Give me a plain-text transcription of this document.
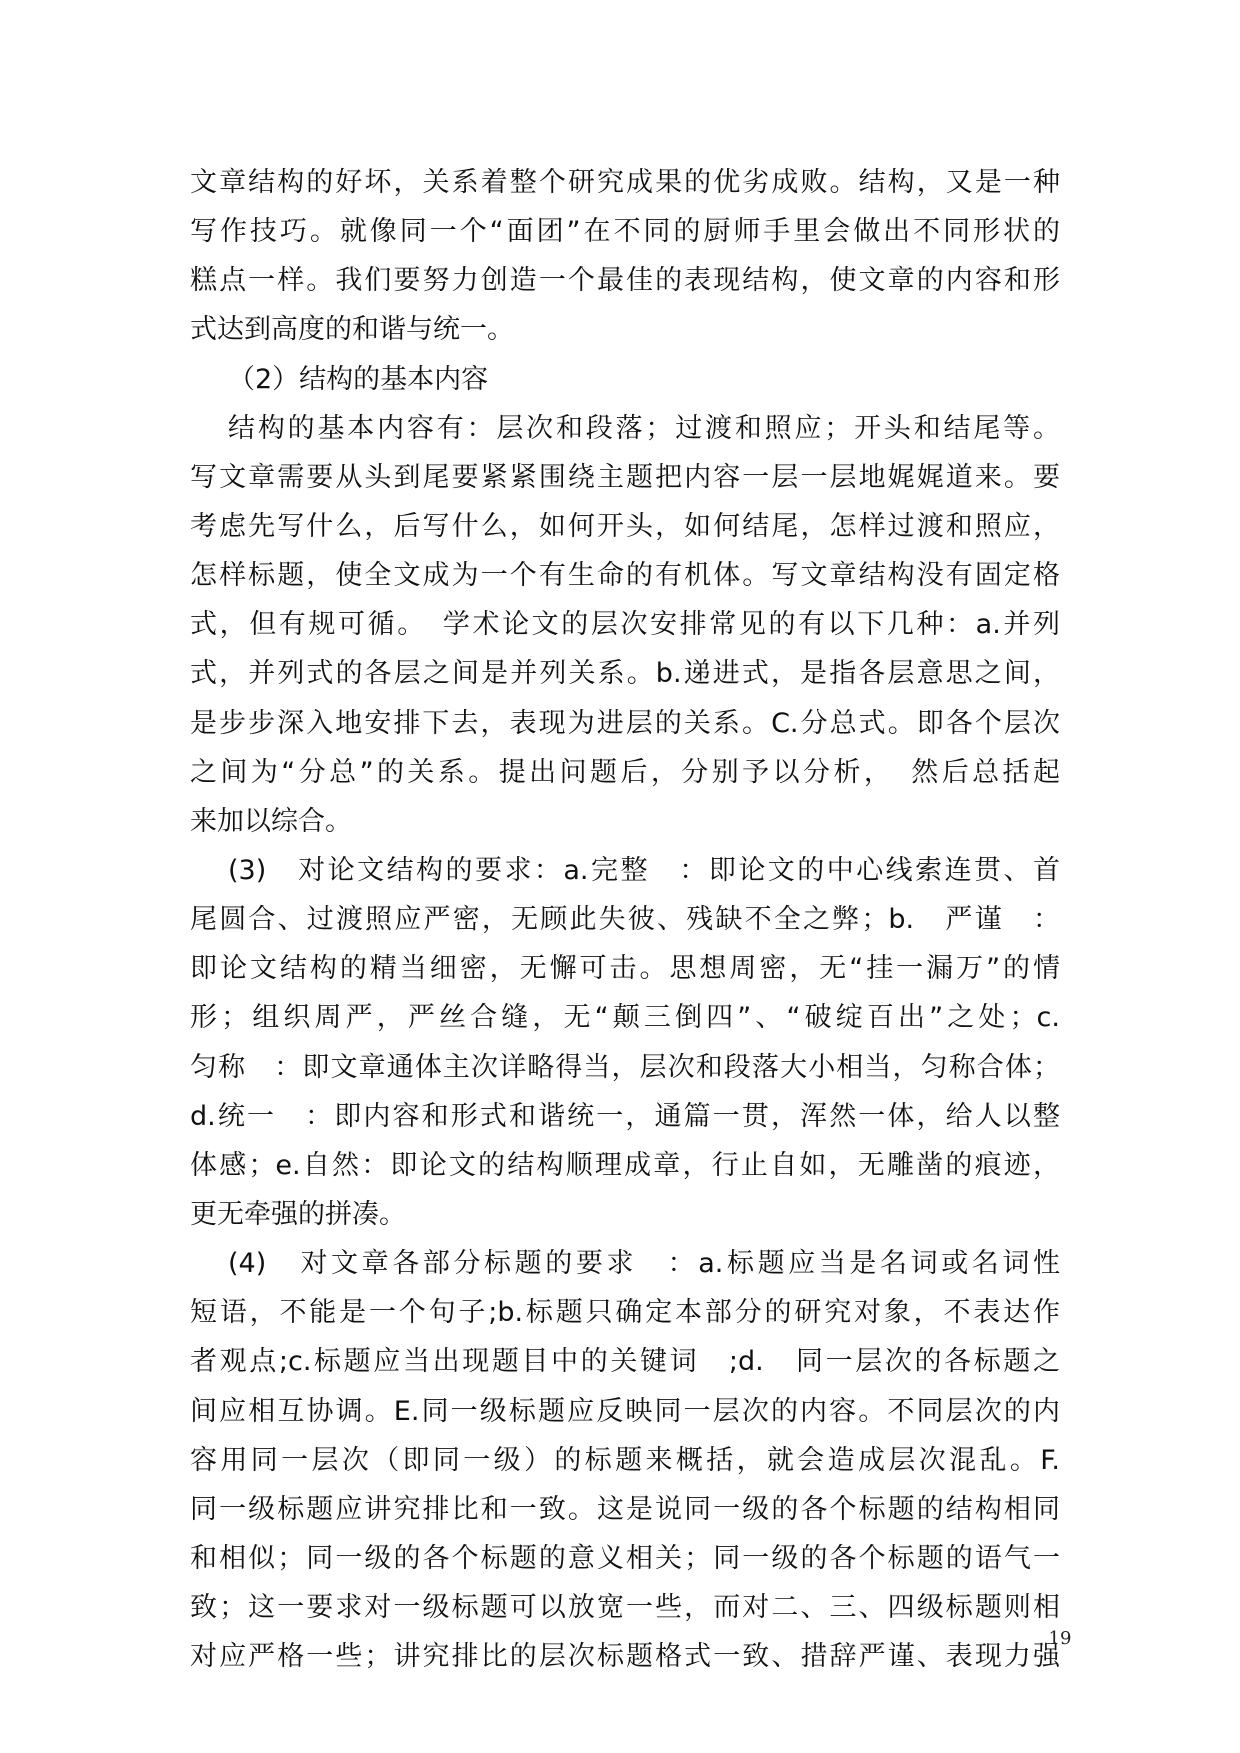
文章结构的好坏，关系着整个研究成果的优劣成败。结构，又是一种
写作技巧。就像同一个“面团”在不同的厨师手里会做出不同形状的
糕点一样。我们要努力创造一个最佳的表现结构，使文章的内容和形
式达到高度的和谐与统一。
（2）结构的基本内容
结构的基本内容有：层次和段落；过渡和照应；开头和结尾等。
写文章需要从头到尾要紧紧围绕主题把内容一层一层地娓娓道来。要
考虑先写什么，后写什么，如何开头，如何结尾，怎样过渡和照应，
怎样标题，使全文成为一个有生命的有机体。写文章结构没有固定格
式，但有规可循。　学术论文的层次安排常见的有以下几种：a.并列
式，并列式的各层之间是并列关系。b.递进式，是指各层意思之间，
是步步深入地安排下去，表现为进层的关系。C.分总式。即各个层次
之间为“分总”的关系。提出问题后，分别予以分析，　然后总括起
来加以综合。
(3)　对论文结构的要求：a.完整　：即论文的中心线索连贯、首
尾圆合、过渡照应严密，无顾此失彼、残缺不全之弊；b.　严谨　：
即论文结构的精当细密，无懈可击。思想周密，无“挂一漏万”的情
形；组织周严，严丝合缝，无“颠三倒四”、“破绽百出”之处；c.
匀称　：即文章通体主次详略得当，层次和段落大小相当，匀称合体；
d.统一　：即内容和形式和谐统一，通篇一贯，浑然一体，给人以整
体感；e.自然：即论文的结构顺理成章，行止自如，无雕凿的痕迹，
更无牵强的拼凑。
(4)　对文章各部分标题的要求　：a.标题应当是名词或名词性
短语，不能是一个句子;b.标题只确定本部分的研究对象，不表达作
者观点;c.标题应当出现题目中的关键词　;d.　同一层次的各标题之
间应相互协调。E.同一级标题应反映同一层次的内容。不同层次的内
容用同一层次（即同一级）的标题来概括，就会造成层次混乱。F.
同一级标题应讲究排比和一致。这是说同一级的各个标题的结构相同
和相似；同一级的各个标题的意义相关；同一级的各个标题的语气一
致；这一要求对一级标题可以放宽一些，而对二、三、四级标题则相
对应严格一些；讲究排比的层次标题格式一致、措辞严谨、表现力强
19
